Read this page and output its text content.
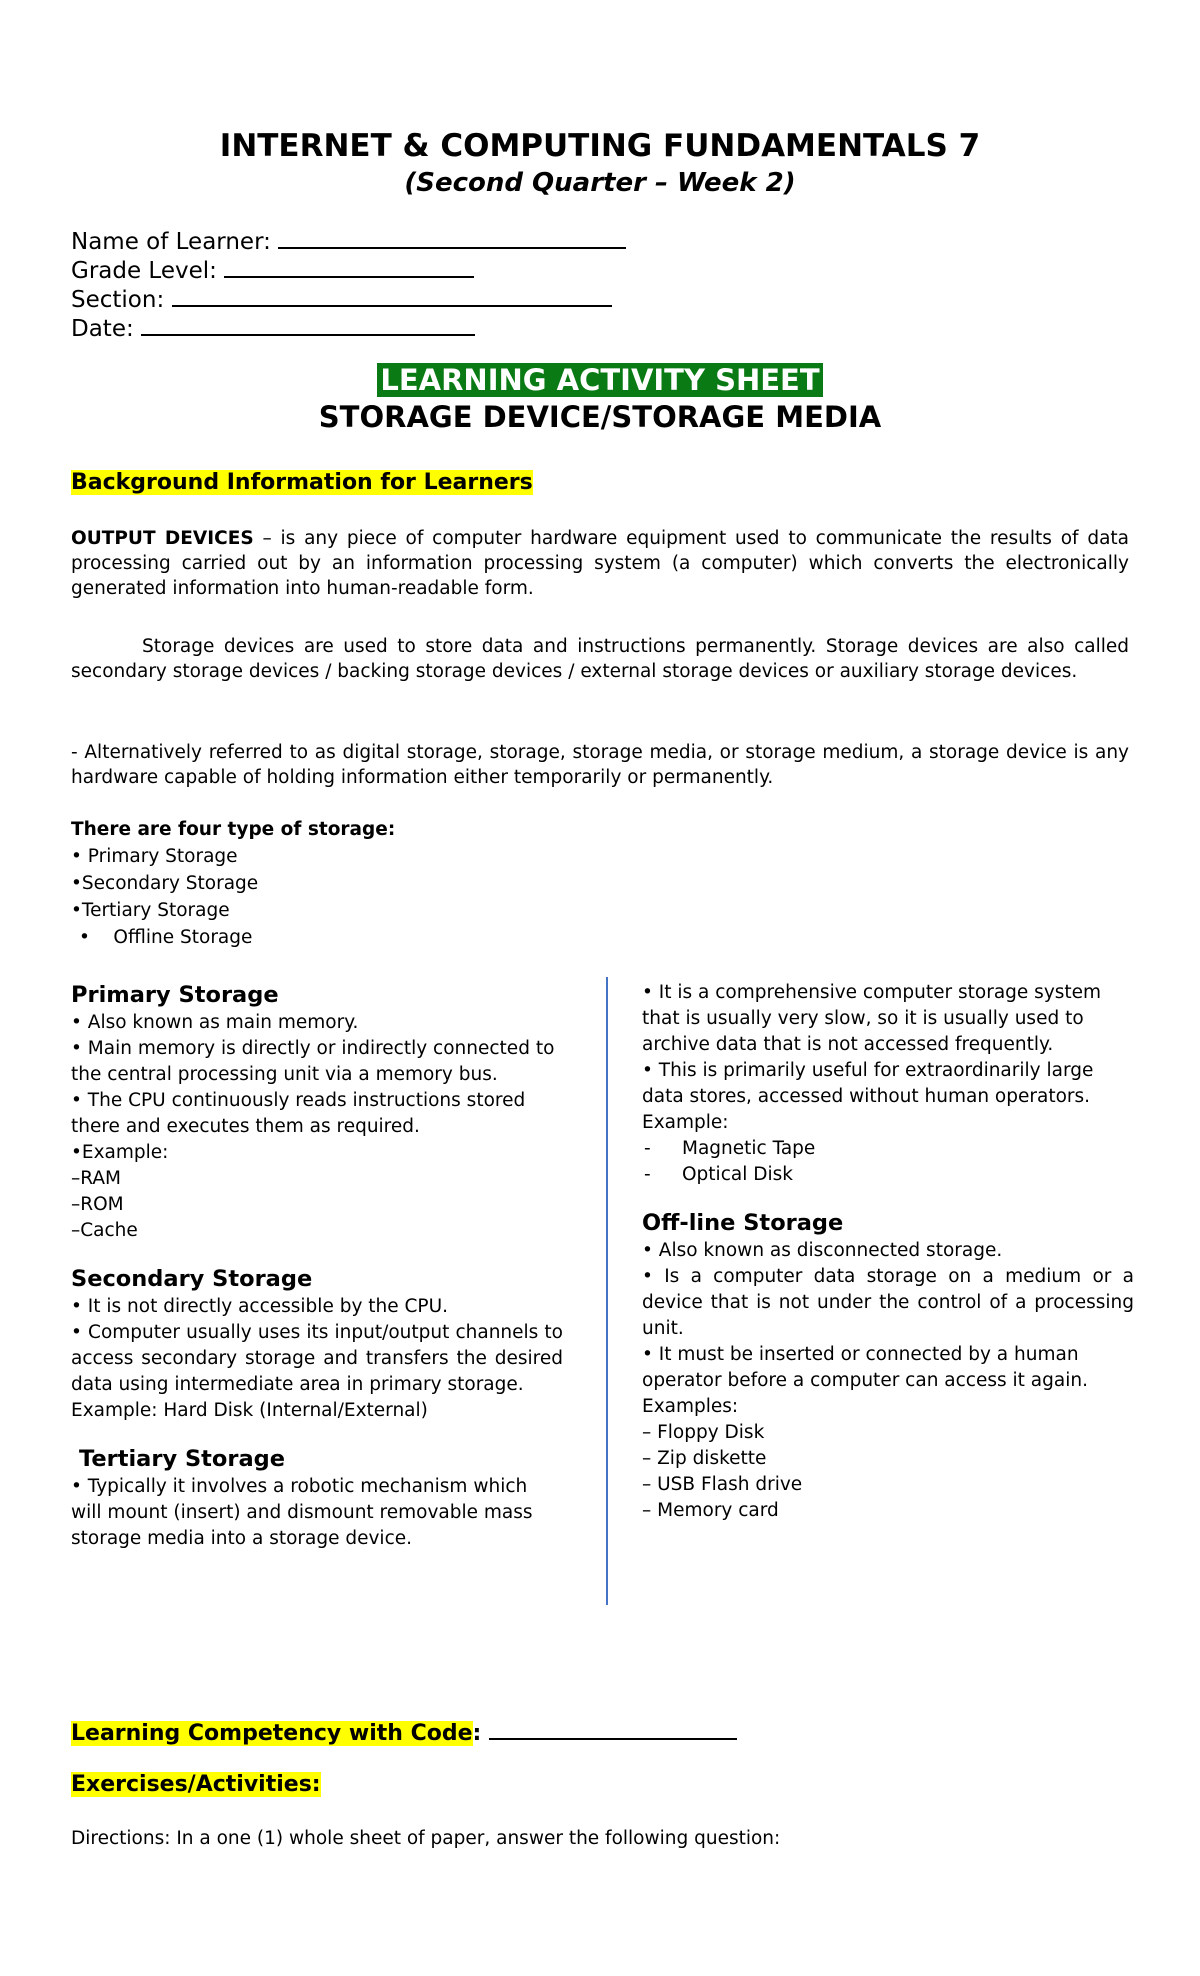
INTERNET & COMPUTING FUNDAMENTALS 7
(Second Quarter – Week 2)
Name of Learner:
Grade Level:
Section:
Date:
LEARNING ACTIVITY SHEET
STORAGE DEVICE/STORAGE MEDIA
Background Information for Learners
OUTPUT DEVICES – is any piece of computer hardware equipment used to communicate the results of data processing carried out by an information processing system (a computer) which converts the electronically generated information into human-readable form.
Storage devices are used to store data and instructions permanently. Storage devices are also called secondary storage devices / backing storage devices / external storage devices or auxiliary storage devices.
- Alternatively referred to as digital storage, storage, storage media, or storage medium, a storage device is any hardware capable of holding information either temporarily or permanently.
There are four type of storage:
• Primary Storage
•Secondary Storage
•Tertiary Storage
•    Offline Storage
Primary Storage
• Also known as main memory.
• Main memory is directly or indirectly connected to the central processing unit via a memory bus.
• The CPU continuously reads instructions stored there and executes them as required.
•Example:
–RAM
–ROM
–Cache
Secondary Storage
• It is not directly accessible by the CPU.
• Computer usually uses its input/output channels to access secondary storage and transfers the desired data using intermediate area in primary storage.
Example: Hard Disk (Internal/External)
Tertiary Storage
• Typically it involves a robotic mechanism which will mount (insert) and dismount removable mass storage media into a storage device.
• It is a comprehensive computer storage system that is usually very slow, so it is usually used to archive data that is not accessed frequently.
• This is primarily useful for extraordinarily large data stores, accessed without human operators.
Example:
- Magnetic Tape
- Optical Disk
Off-line Storage
• Also known as disconnected storage.
• Is a computer data storage on a medium or a device that is not under the control of a processing unit.
• It must be inserted or connected by a human operator before a computer can access it again.
Examples:
– Floppy Disk
– Zip diskette
– USB Flash drive
– Memory card
Learning Competency with Code:
Exercises/Activities:
Directions: In a one (1) whole sheet of paper, answer the following question:
